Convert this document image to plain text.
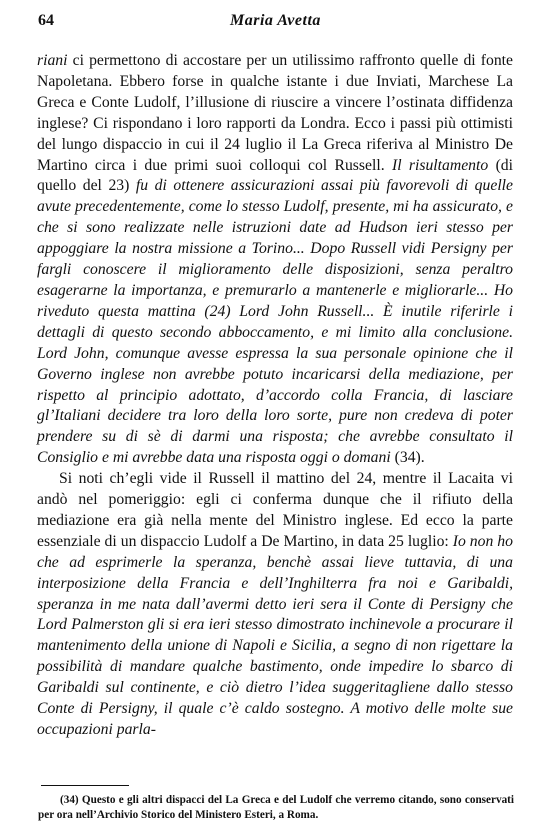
64	Maria Avetta

riani ci permettono di accostare per un utilissimo raffronto quelle di fonte Napoletana. Ebbero forse in qualche istante i due Inviati, Marchese La Greca e Conte Ludolf, l’illusione di riuscire a vincere l’ostinata diffidenza inglese? Ci rispondano i loro rapporti da Londra. Ecco i passi più ottimisti del lungo dispaccio in cui il 24 luglio il La Greca riferiva al Ministro De Martino circa i due primi suoi colloqui col Russell. Il risultamento (di quello del 23) fu di ottenere assicurazioni assai più favorevoli di quelle avute precedentemente, come lo stesso Ludolf, presente, mi ha assicurato, e che si sono realizzate nelle istruzioni date ad Hudson ieri stesso per appoggiare la nostra missione a Torino... Dopo Russell vidi Persigny per fargli conoscere il miglioramento delle disposizioni, senza peraltro esagerarne la importanza, e premurarlo a mantenerle e migliorarle... Ho riveduto questa mattina (24) Lord John Russell... È inutile riferirle i dettagli di questo secondo abboccamento, e mi limito alla conclusione. Lord John, comunque avesse espressa la sua personale opinione che il Governo inglese non avrebbe potuto incaricarsi della mediazione, per rispetto al principio adottato, d’accordo colla Francia, di lasciare gl’Italiani decidere tra loro della loro sorte, pure non credeva di poter prendere su di sè di darmi una risposta; che avrebbe consultato il Consiglio e mi avrebbe data una risposta oggi o domani (34).

Si noti ch’egli vide il Russell il mattino del 24, mentre il Lacaita vi andò nel pomeriggio: egli ci conferma dunque che il rifiuto della mediazione era già nella mente del Ministro inglese. Ed ecco la parte essenziale di un dispaccio Ludolf a De Martino, in data 25 luglio: Io non ho che ad esprimerle la speranza, benchè assai lieve tuttavia, di una interposizione della Francia e dell’Inghilterra fra noi e Garibaldi, speranza in me nata dall’avermi detto ieri sera il Conte di Persigny che Lord Palmerston gli si era ieri stesso dimostrato inchinevole a procurare il mantenimento della unione di Napoli e Sicilia, a segno di non rigettare la possibilità di mandare qualche bastimento, onde impedire lo sbarco di Garibaldi sul continente, e ciò dietro l’idea suggeritagliene dallo stesso Conte di Persigny, il quale c’è caldo sostegno. A motivo delle molte sue occupazioni parla-

(34) Questo e gli altri dispacci del La Greca e del Ludolf che verremo citando, sono conservati per ora nell’Archivio Storico del Ministero Esteri, a Roma.
